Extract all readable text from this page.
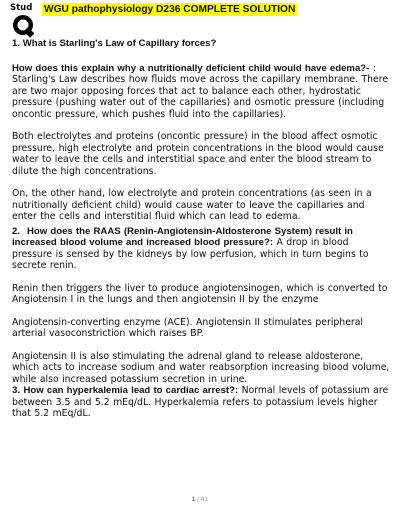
Stud WGU pathophysiology D236 COMPLETE SOLUTION
1. What is Starling's Law of Capillary forces?
How does this explain why a nutritionally deficient child would have edema?- : Starling's Law describes how fluids move across the capillary membrane. There are two major opposing forces that act to balance each other, hydrostatic pressure (pushing water out of the capillaries) and osmotic pressure (including oncontic pressure, which pushes fluid into the capillaries).
Both electrolytes and proteins (oncontic pressure) in the blood affect osmotic pressure, high electrolyte and protein concentrations in the blood would cause water to leave the cells and interstitial space and enter the blood stream to dilute the high concentrations.
On, the other hand, low electrolyte and protein concentrations (as seen in a nutritionally deficient child) would cause water to leave the capillaries and enter the cells and interstitial fluid which can lead to edema.
2. How does the RAAS (Renin-Angiotensin-Aldosterone System) result in increased blood volume and increased blood pressure?: A drop in blood pressure is sensed by the kidneys by low perfusion, which in turn begins to secrete renin.
Renin then triggers the liver to produce angiotensinogen, which is converted to Angiotensin I in the lungs and then angiotensin II by the enzyme
Angiotensin-converting enzyme (ACE). Angiotensin II stimulates peripheral arterial vasoconstriction which raises BP.
Angiotensin II is also stimulating the adrenal gland to release aldosterone, which acts to increase sodium and water reabsorption increasing blood volume, while also increased potassium secretion in urine.
3. How can hyperkalemia lead to cardiac arrest?: Normal levels of potassium are between 3.5 and 5.2 mEq/dL. Hyperkalemia refers to potassium levels higher that 5.2 mEq/dL.
1 / 41
